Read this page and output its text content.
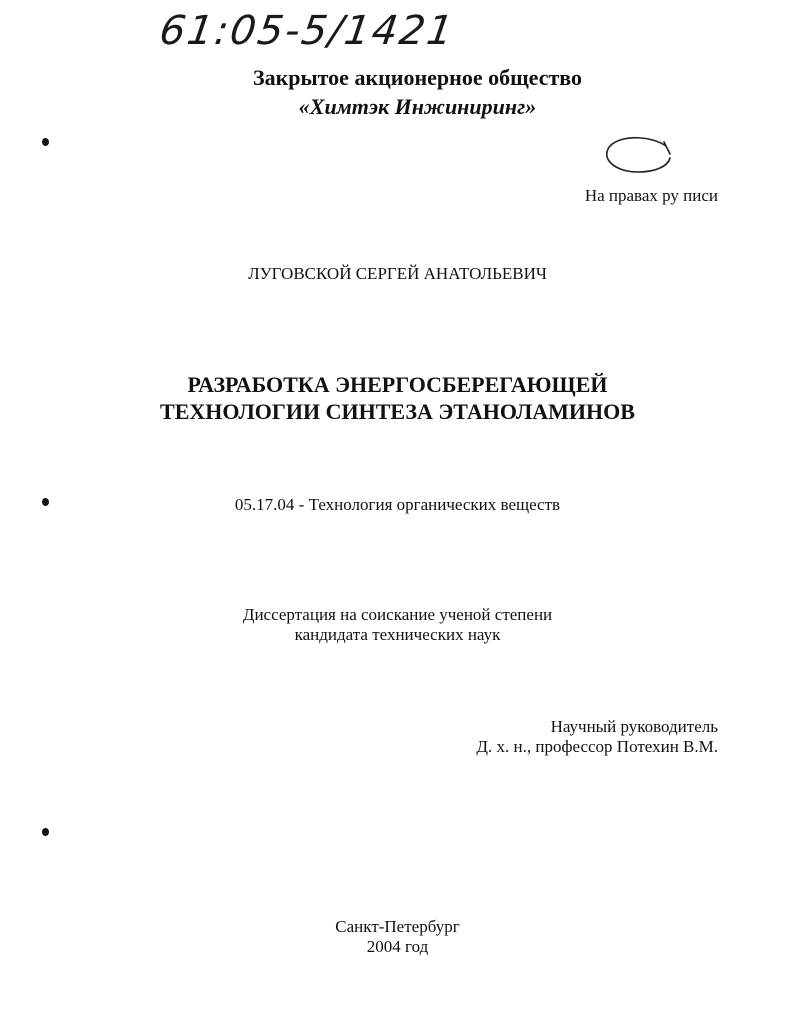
61:05-5/1421
Закрытое акционерное общество
«Химтэк Инжиниринг»
На правах ру писи
ЛУГОВСКОЙ СЕРГЕЙ АНАТОЛЬЕВИЧ
РАЗРАБОТКА ЭНЕРГОСБЕРЕГАЮЩЕЙ
ТЕХНОЛОГИИ СИНТЕЗА ЭТАНОЛАМИНОВ
05.17.04 - Технология органических веществ
Диссертация на соискание ученой степени
кандидата технических наук
Научный руководитель
Д. х. н., профессор Потехин В.М.
Санкт-Петербург
2004 год
